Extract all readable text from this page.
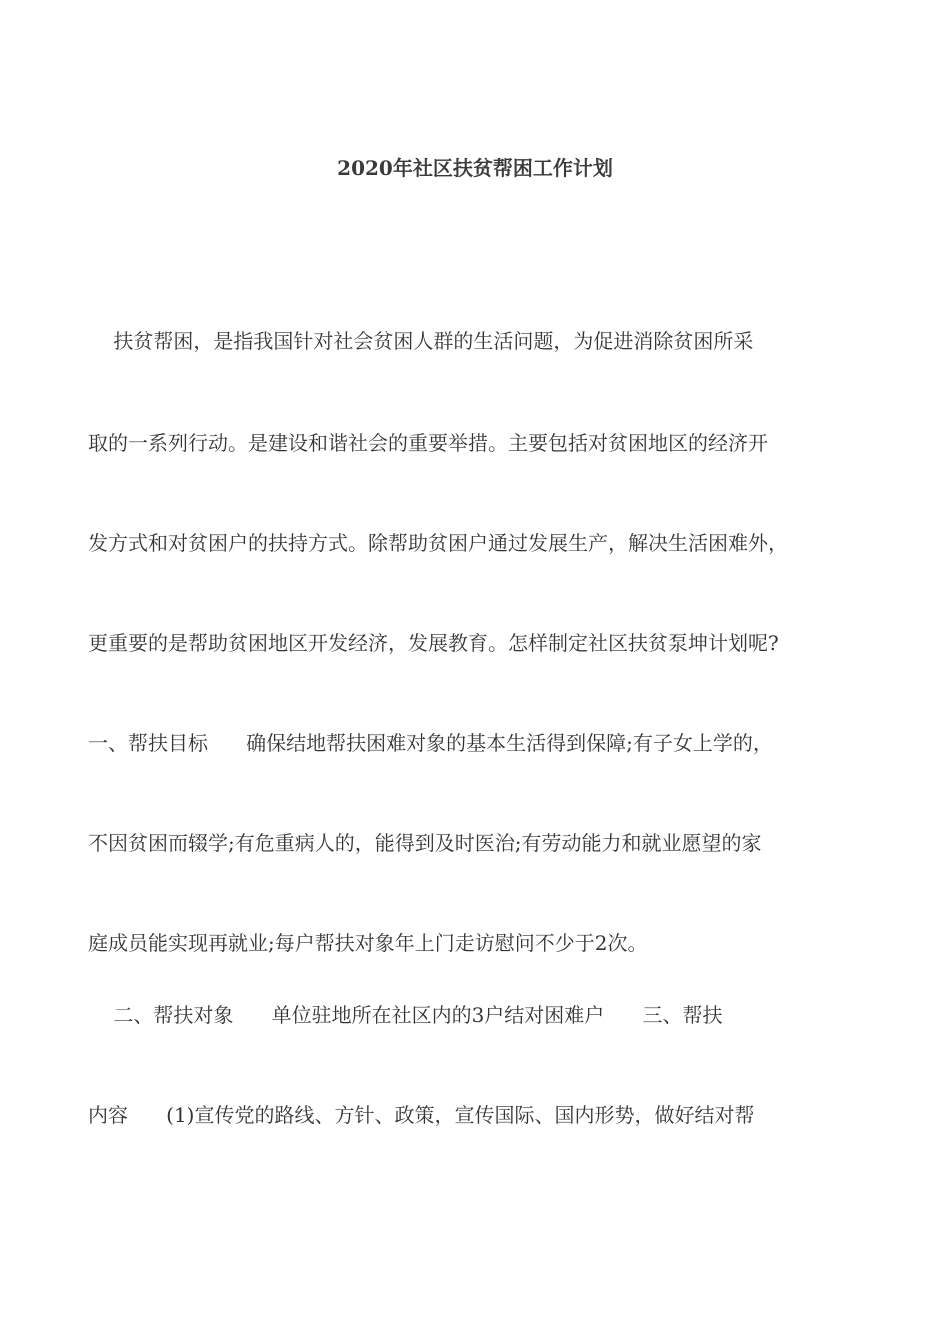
2020年社区扶贫帮困工作计划
扶贫帮困，是指我国针对社会贫困人群的生活问题，为促进消除贫困所采
取的一系列行动。是建设和谐社会的重要举措。主要包括对贫困地区的经济开
发方式和对贫困户的扶持方式。除帮助贫困户通过发展生产，解决生活困难外，
更重要的是帮助贫困地区开发经济，发展教育。怎样制定社区扶贫泵坤计划呢?
一、帮扶目标      确保结地帮扶困难对象的基本生活得到保障;有子女上学的，
不因贫困而辍学;有危重病人的，能得到及时医治;有劳动能力和就业愿望的家
庭成员能实现再就业;每户帮扶对象年上门走访慰问不少于2次。
二、帮扶对象      单位驻地所在社区内的3户结对困难户      三、帮扶
内容      (1)宣传党的路线、方针、政策，宣传国际、国内形势，做好结对帮
